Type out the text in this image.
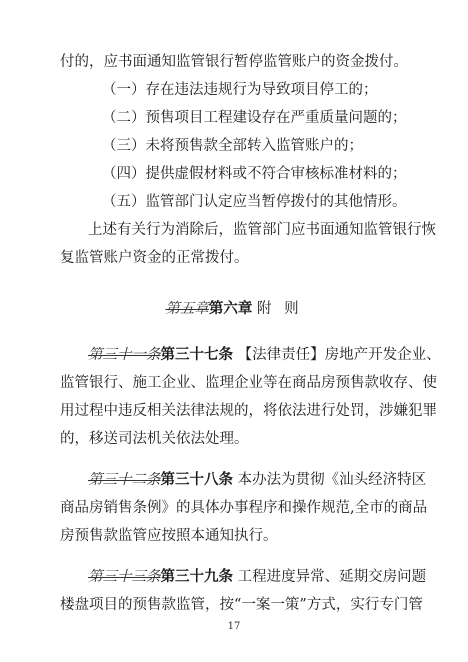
付的，应书面通知监管银行暂停监管账户的资金拨付。
（一）存在违法违规行为导致项目停工的；
（二）预售项目工程建设存在严重质量问题的；
（三）未将预售款全部转入监管账户的；
（四）提供虚假材料或不符合审核标准材料的；
（五）监管部门认定应当暂停拨付的其他情形。
上述有关行为消除后，监管部门应书面通知监管银行恢
复监管账户资金的正常拨付。
第五章第六章 附 则
第三十一条第三十七条 【法律责任】房地产开发企业、
监管银行、施工企业、监理企业等在商品房预售款收存、使
用过程中违反相关法律法规的，将依法进行处罚，涉嫌犯罪
的，移送司法机关依法处理。
第三十二条第三十八条 本办法为贯彻《汕头经济特区
商品房销售条例》的具体办事程序和操作规范,全市的商品
房预售款监管应按照本通知执行。
第三十三条第三十九条 工程进度异常、延期交房问题
楼盘项目的预售款监管，按“一案一策”方式，实行专门管
17
